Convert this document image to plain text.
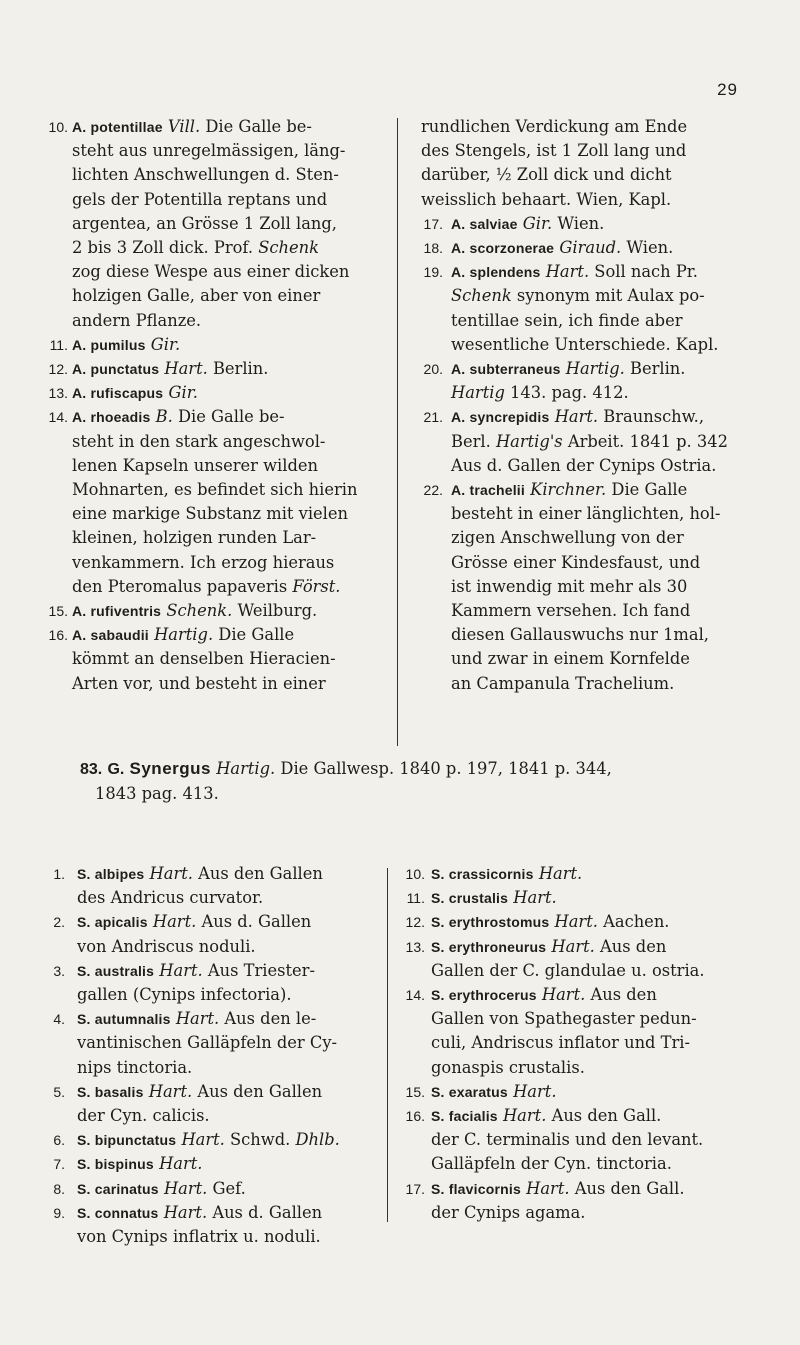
29
10. A. potentillae Vill. Die Galle be-
steht aus unregelmässigen, läng-
lichten Anschwellungen d. Sten-
gels der Potentilla reptans und
argentea, an Grösse 1 Zoll lang,
2 bis 3 Zoll dick. Prof. Schenk
zog diese Wespe aus einer dicken
holzigen Galle, aber von einer
andern Pflanze.
11. A. pumilus Gir.
12. A. punctatus Hart. Berlin.
13. A. rufiscapus Gir.
14. A. rhoeadis B. Die Galle be-
steht in den stark angeschwol-
lenen Kapseln unserer wilden
Mohnarten, es befindet sich hierin
eine markige Substanz mit vielen
kleinen, holzigen runden Lar-
venkammern. Ich erzog hieraus
den Pteromalus papaveris Först.
15. A. rufiventris Schenk. Weilburg.
16. A. sabaudii Hartig. Die Galle
kömmt an denselben Hieracien-
Arten vor, und besteht in einer
rundlichen Verdickung am Ende
des Stengels, ist 1 Zoll lang und
darüber, ½ Zoll dick und dicht
weisslich behaart. Wien, Kapl.
17. A. salviae Gir. Wien.
18. A. scorzonerae Giraud. Wien.
19. A. splendens Hart. Soll nach Pr.
Schenk synonym mit Aulax po-
tentillae sein, ich finde aber
wesentliche Unterschiede. Kapl.
20. A. subterraneus Hartig. Berlin.
Hartig 143. pag. 412.
21. A. syncrepidis Hart. Braunschw.,
Berl. Hartig's Arbeit. 1841 p. 342
Aus d. Gallen der Cynips Ostria.
22. A. trachelii Kirchner. Die Galle
besteht in einer länglichten, hol-
zigen Anschwellung von der
Grösse einer Kindesfaust, und
ist inwendig mit mehr als 30
Kammern versehen. Ich fand
diesen Gallauswuchs nur 1mal,
und zwar in einem Kornfelde
an Campanula Trachelium.
83. G. Synergus Hartig. Die Gallwesp. 1840 p. 197, 1841 p. 344,
1843 pag. 413.
1. S. albipes Hart. Aus den Gallen
des Andricus curvator.
2. S. apicalis Hart. Aus d. Gallen
von Andriscus noduli.
3. S. australis Hart. Aus Triester-
gallen (Cynips infectoria).
4. S. autumnalis Hart. Aus den le-
vantinischen Galläpfeln der Cy-
nips tinctoria.
5. S. basalis Hart. Aus den Gallen
der Cyn. calicis.
6. S. bipunctatus Hart. Schwd. Dhlb.
7. S. bispinus Hart.
8. S. carinatus Hart. Gef.
9. S. connatus Hart. Aus d. Gallen
von Cynips inflatrix u. noduli.
10. S. crassicornis Hart.
11. S. crustalis Hart.
12. S. erythrostomus Hart. Aachen.
13. S. erythroneurus Hart. Aus den
Gallen der C. glandulae u. ostria.
14. S. erythrocerus Hart. Aus den
Gallen von Spathegaster pedun-
culi, Andriscus inflator und Tri-
gonaspis crustalis.
15. S. exaratus Hart.
16. S. facialis Hart. Aus den Gall.
der C. terminalis und den levant.
Galläpfeln der Cyn. tinctoria.
17. S. flavicornis Hart. Aus den Gall.
der Cynips agama.
